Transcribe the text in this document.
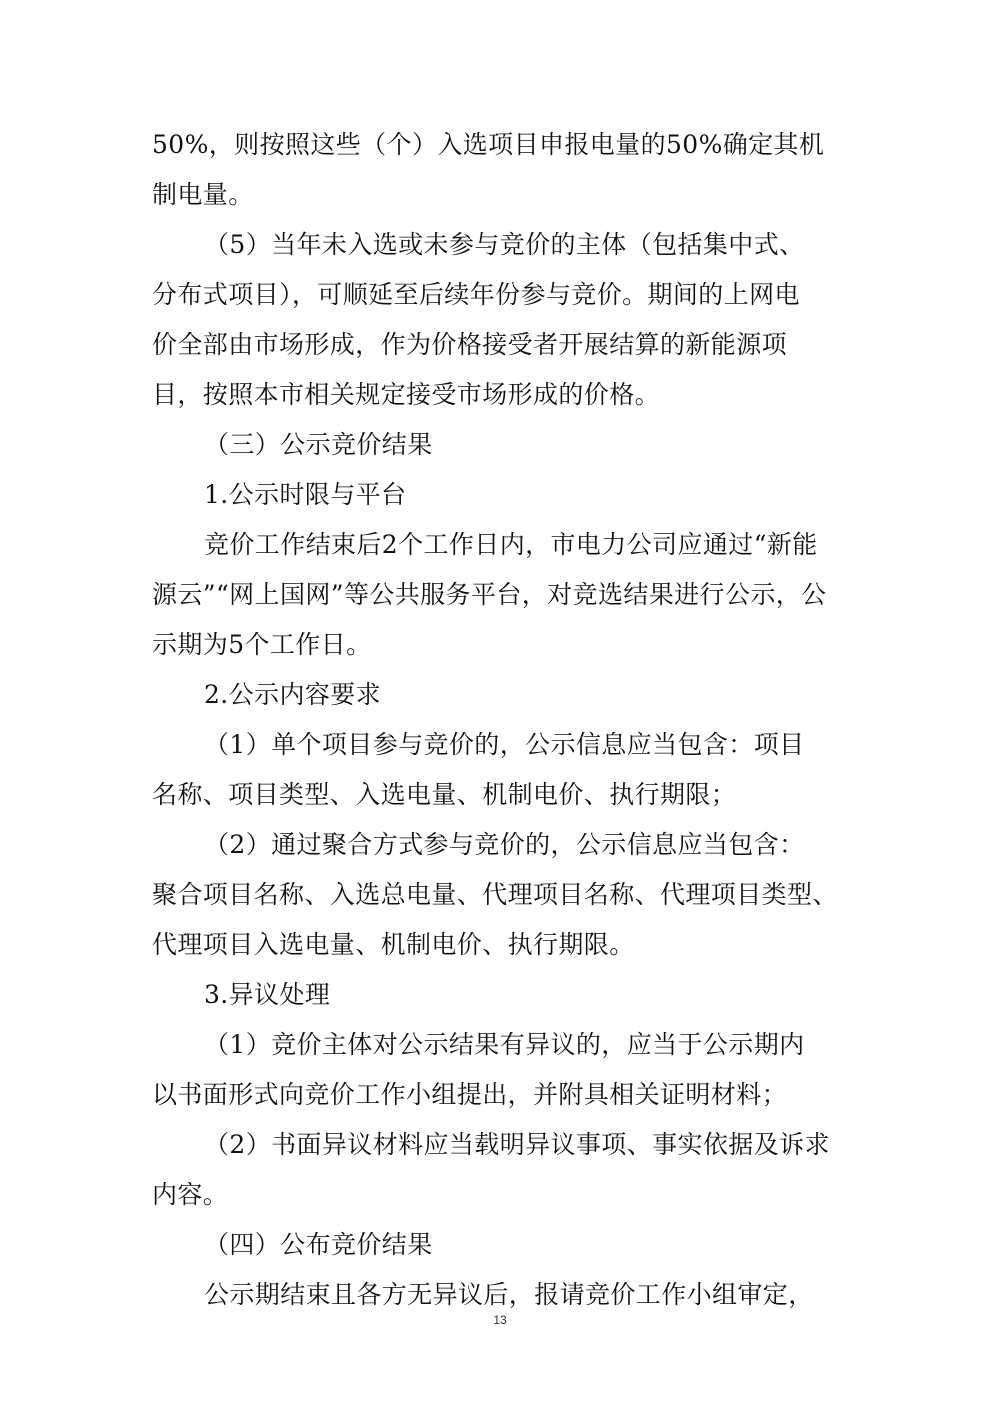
50%，则按照这些（个）入选项目申报电量的50%确定其机
制电量。
（5）当年未入选或未参与竞价的主体（包括集中式、
分布式项目），可顺延至后续年份参与竞价。期间的上网电
价全部由市场形成，作为价格接受者开展结算的新能源项
目，按照本市相关规定接受市场形成的价格。
（三）公示竞价结果
1.公示时限与平台
竞价工作结束后2个工作日内，市电力公司应通过“新能
源云”“网上国网”等公共服务平台，对竞选结果进行公示，公
示期为5个工作日。
2.公示内容要求
（1）单个项目参与竞价的，公示信息应当包含：项目
名称、项目类型、入选电量、机制电价、执行期限；
（2）通过聚合方式参与竞价的，公示信息应当包含：
聚合项目名称、入选总电量、代理项目名称、代理项目类型、
代理项目入选电量、机制电价、执行期限。
3.异议处理
（1）竞价主体对公示结果有异议的，应当于公示期内
以书面形式向竞价工作小组提出，并附具相关证明材料；
（2）书面异议材料应当载明异议事项、事实依据及诉求
内容。
（四）公布竞价结果
公示期结束且各方无异议后，报请竞价工作小组审定，
13
